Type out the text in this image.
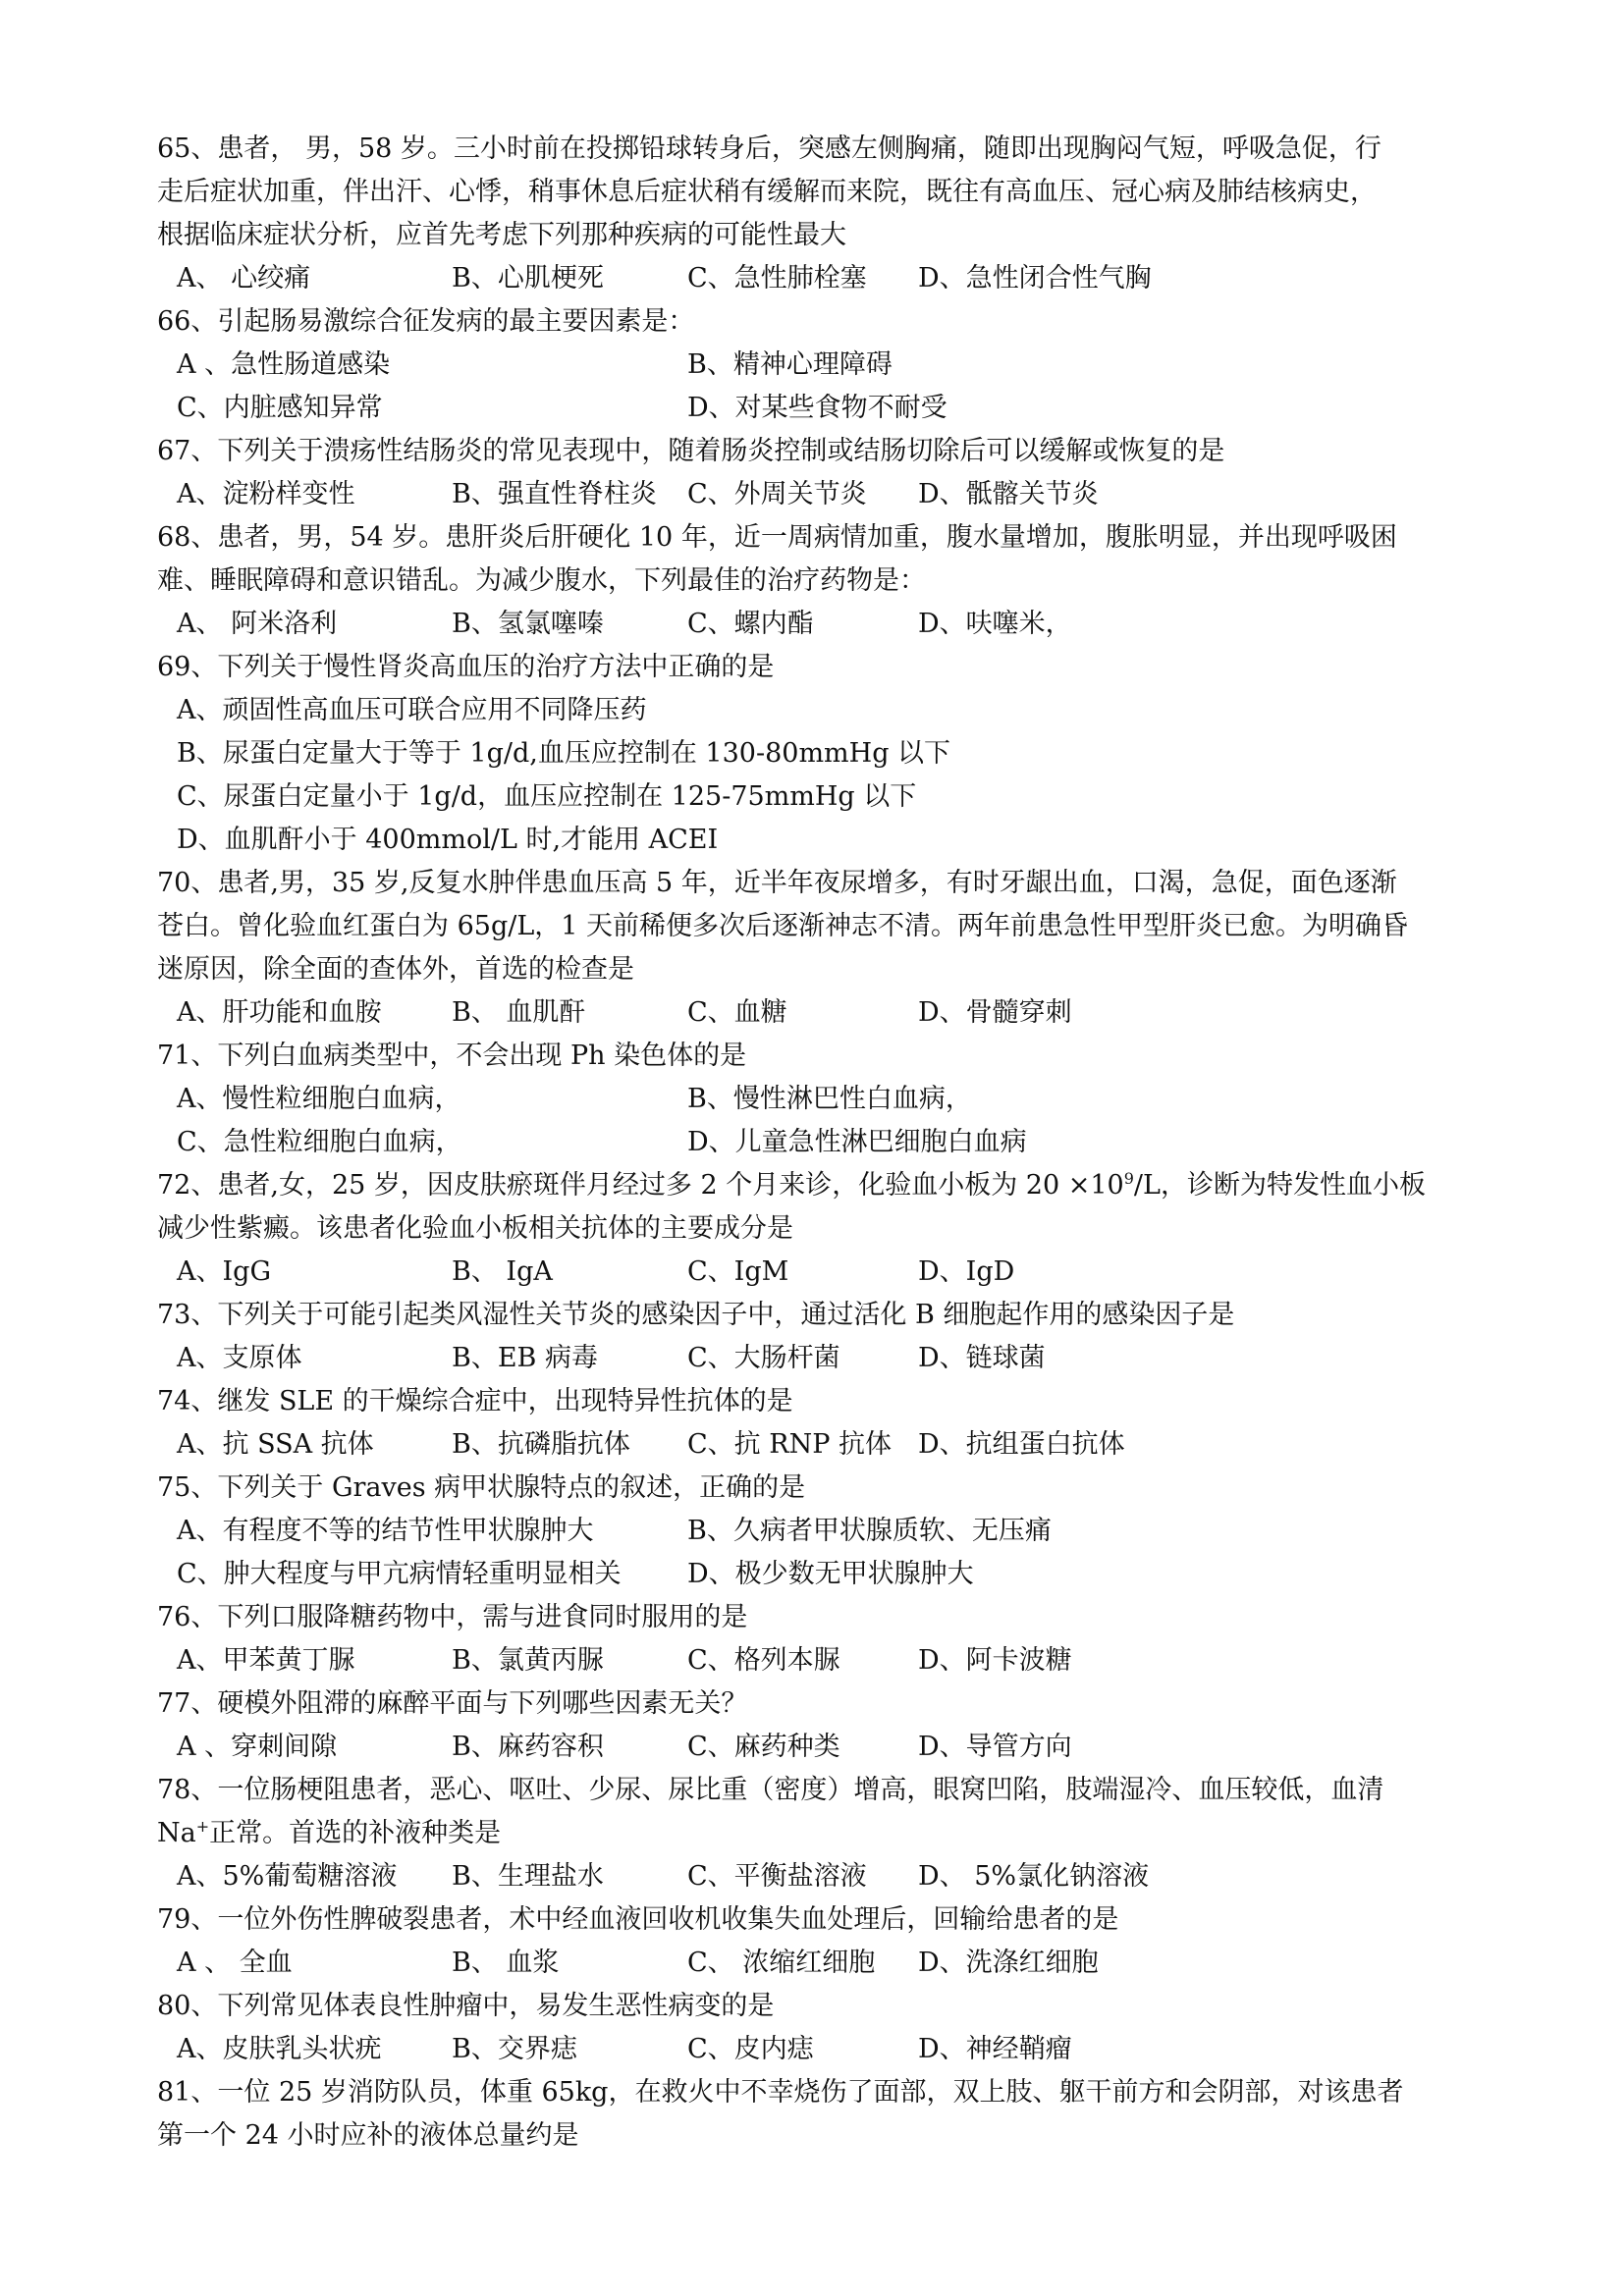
65、患者， 男，58 岁。三小时前在投掷铅球转身后，突感左侧胸痛，随即出现胸闷气短，呼吸急促，行
走后症状加重，伴出汗、心悸，稍事休息后症状稍有缓解而来院，既往有高血压、冠心病及肺结核病史，
根据临床症状分析，应首先考虑下列那种疾病的可能性最大
A、 心绞痛	B、心肌梗死	C、急性肺栓塞 D、急性闭合性气胸
66、引起肠易激综合征发病的最主要因素是：
A 、急性肠道感染	B、精神心理障碍
C、内脏感知异常	D、对某些食物不耐受
67、下列关于溃疡性结肠炎的常见表现中，随着肠炎控制或结肠切除后可以缓解或恢复的是
A、淀粉样变性	B、强直性脊柱炎 C、外周关节炎 D、骶髂关节炎
68、患者，男，54 岁。患肝炎后肝硬化 10 年，近一周病情加重，腹水量增加，腹胀明显，并出现呼吸困
难、睡眠障碍和意识错乱。为减少腹水，下列最佳的治疗药物是：
A、 阿米洛利	B、氢氯噻嗪	C、螺内酯	D、呋噻米，
69、下列关于慢性肾炎高血压的治疗方法中正确的是
A、顽固性高血压可联合应用不同降压药
B、尿蛋白定量大于等于 1g/d,血压应控制在 130-80mmHg 以下
C、尿蛋白定量小于 1g/d，血压应控制在 125-75mmHg 以下
D、血肌酐小于 400mmol/L 时,才能用 ACEI
70、患者,男，35 岁,反复水肿伴患血压高 5 年，近半年夜尿增多，有时牙龈出血，口渴，急促，面色逐渐
苍白。曾化验血红蛋白为 65g/L，1 天前稀便多次后逐渐神志不清。两年前患急性甲型肝炎已愈。为明确昏
迷原因，除全面的查体外，首选的检查是
A、肝功能和血胺	B、 血肌酐	C、血糖	D、骨髓穿刺
71、下列白血病类型中，不会出现 Ph 染色体的是
A、慢性粒细胞白血病，	B、慢性淋巴性白血病，
C、急性粒细胞白血病，	D、儿童急性淋巴细胞白血病
72、患者,女，25 岁，因皮肤瘀斑伴月经过多 2 个月来诊，化验血小板为 $20 \times 10^9/L$，诊断为特发性血小板
减少性紫癜。该患者化验血小板相关抗体的主要成分是
A、IgG	B、 IgA	C、IgM	D、IgD
73、下列关于可能引起类风湿性关节炎的感染因子中，通过活化 B 细胞起作用的感染因子是
A、支原体	B、EB 病毒	C、大肠杆菌	D、链球菌
74、继发 SLE 的干燥综合症中，出现特异性抗体的是
A、抗 SSA 抗体	B、抗磷脂抗体 C、抗 RNP 抗体 D、抗组蛋白抗体
75、下列关于 Graves 病甲状腺特点的叙述，正确的是
A、有程度不等的结节性甲状腺肿大	B、久病者甲状腺质软、无压痛
C、肿大程度与甲亢病情轻重明显相关 D、极少数无甲状腺肿大
76、下列口服降糖药物中，需与进食同时服用的是
A、甲苯黄丁脲	B、氯黄丙脲	C、格列本脲	D、阿卡波糖
77、硬模外阻滞的麻醉平面与下列哪些因素无关？
A 、穿刺间隙	B、麻药容积	C、麻药种类	D、导管方向
78、一位肠梗阻患者，恶心、呕吐、少尿、尿比重（密度）增高，眼窝凹陷，肢端湿冷、血压较低，血清
Na+正常。首选的补液种类是
A、5%葡萄糖溶液 B、生理盐水	C、平衡盐溶液 D、 5%氯化钠溶液
79、一位外伤性脾破裂患者，术中经血液回收机收集失血处理后，回输给患者的是
A 、 全血	B、 血浆	C、 浓缩红细胞 D、洗涤红细胞
80、下列常见体表良性肿瘤中，易发生恶性病变的是
A、皮肤乳头状疣	B、交界痣	C、皮内痣	D、神经鞘瘤
81、一位 25 岁消防队员，体重 65kg，在救火中不幸烧伤了面部，双上肢、躯干前方和会阴部，对该患者
第一个 24 小时应补的液体总量约是
